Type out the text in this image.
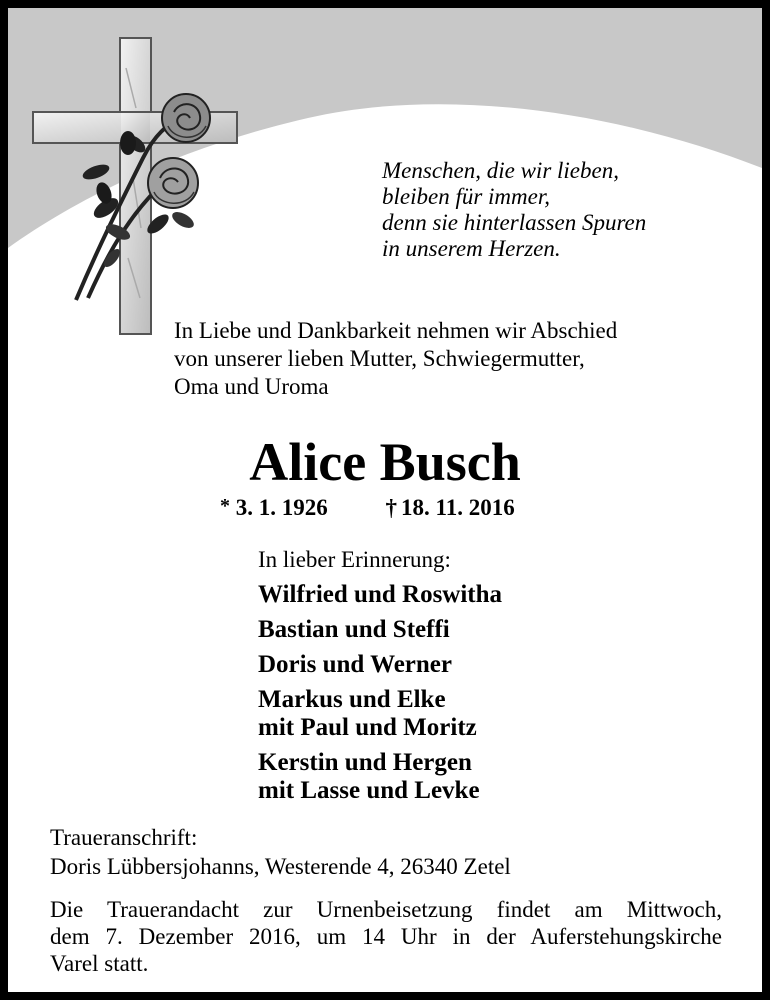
Menschen, die wir lieben,
bleiben für immer,
denn sie hinterlassen Spuren
in unserem Herzen.
In Liebe und Dankbarkeit nehmen wir Abschied
von unserer lieben Mutter, Schwiegermutter,
Oma und Uroma
Alice Busch
* 3. 1. 1926	† 18. 11. 2016
In lieber Erinnerung:
Wilfried und Roswitha
Bastian und Steffi
Doris und Werner
Markus und Elke
mit Paul und Moritz
Kerstin und Hergen
mit Lasse und Levke
Traueranschrift:
Doris Lübbersjohanns, Westerende 4, 26340 Zetel
Die Trauerandacht zur Urnenbeisetzung findet am Mittwoch,
dem 7. Dezember 2016, um 14 Uhr in der Auferstehungskirche
Varel statt.
